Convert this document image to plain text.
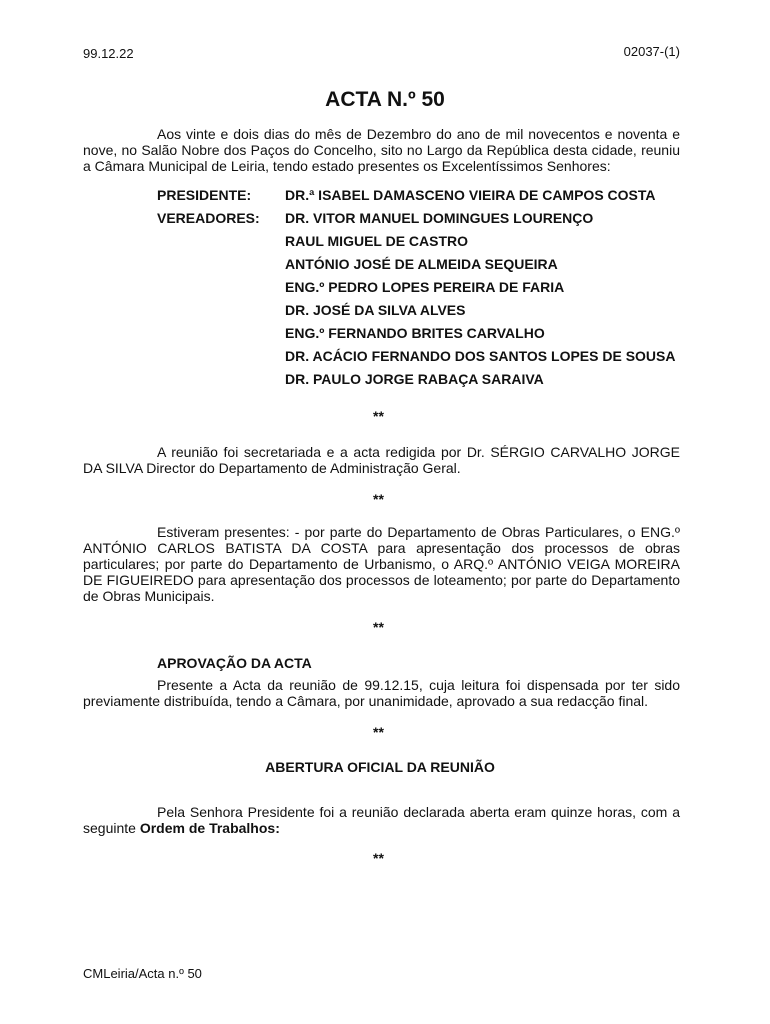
99.12.22	02037-(1)
ACTA N.º 50
Aos vinte e dois dias do mês de Dezembro do ano de mil novecentos e noventa e nove, no Salão Nobre dos Paços do Concelho, sito no Largo da República desta cidade, reuniu a Câmara Municipal de Leiria, tendo estado presentes os Excelentíssimos Senhores:
PRESIDENTE:	DR.ª ISABEL DAMASCENO VIEIRA DE CAMPOS COSTA
VEREADORES:	DR. VITOR MANUEL DOMINGUES LOURENÇO
RAUL MIGUEL DE CASTRO
ANTÓNIO JOSÉ DE ALMEIDA SEQUEIRA
ENG.º PEDRO LOPES PEREIRA DE FARIA
DR. JOSÉ DA SILVA ALVES
ENG.º FERNANDO BRITES CARVALHO
DR. ACÁCIO FERNANDO DOS SANTOS LOPES DE SOUSA
DR. PAULO JORGE RABAÇA SARAIVA
**
A reunião foi secretariada e a acta redigida por Dr. SÉRGIO CARVALHO JORGE DA SILVA Director do Departamento de Administração Geral.
**
Estiveram presentes: - por parte do Departamento de Obras Particulares, o ENG.º ANTÓNIO CARLOS BATISTA DA COSTA para apresentação dos processos de obras particulares; por parte do Departamento de Urbanismo, o ARQ.º ANTÓNIO VEIGA MOREIRA DE FIGUEIREDO para apresentação dos processos de loteamento; por parte do Departamento de Obras Municipais.
**
APROVAÇÃO DA ACTA
Presente a Acta da reunião de 99.12.15, cuja leitura foi dispensada por ter sido previamente distribuída, tendo a Câmara, por unanimidade, aprovado a sua redacção final.
**
ABERTURA OFICIAL DA REUNIÃO
Pela Senhora Presidente foi a reunião declarada aberta eram quinze horas, com a seguinte Ordem de Trabalhos:
**
CMLeiria/Acta n.º 50
